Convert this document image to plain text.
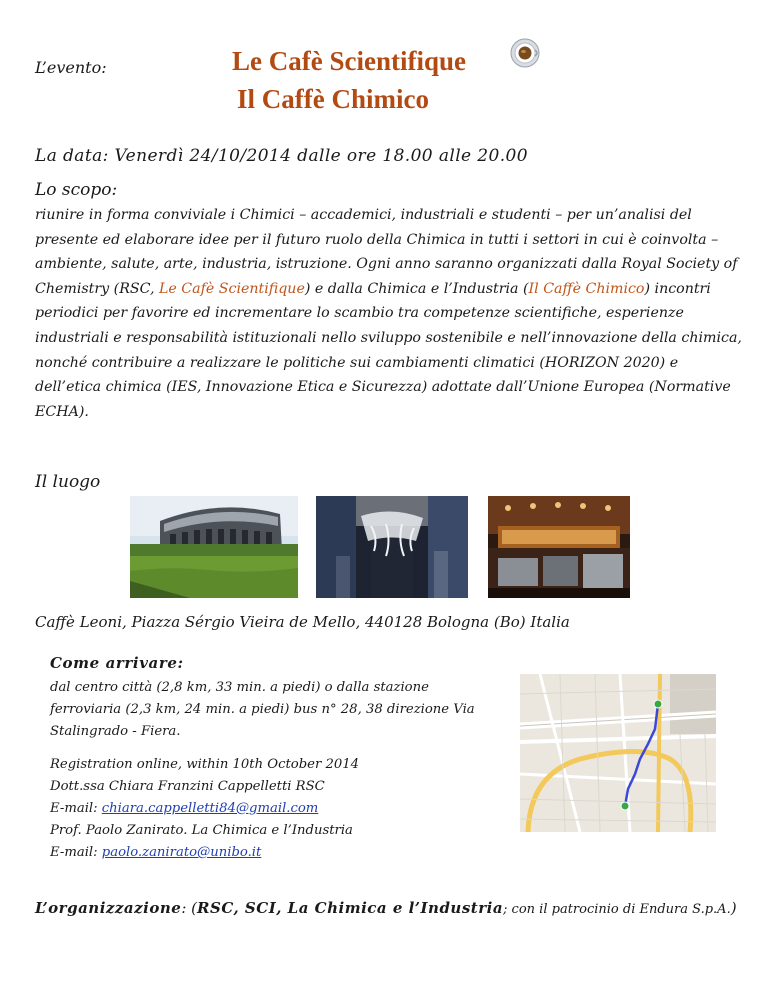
L’evento:	Le Cafè Scientifique
Il Caffè Chimico
La data: Venerdì 24/10/2014 dalle ore 18.00 alle 20.00
Lo scopo:
riunire in forma conviviale i Chimici – accademici, industriali e studenti – per un’analisi del presente ed elaborare idee per il futuro ruolo della Chimica in tutti i settori in cui è coinvolta – ambiente, salute, arte, industria, istruzione. Ogni anno saranno organizzati dalla Royal Society of Chemistry (RSC, Le Cafè Scientifique) e dalla Chimica e l’Industria (Il Caffè Chimico) incontri periodici per favorire ed incrementare lo scambio tra competenze scientifiche, esperienze industriali e responsabilità istituzionali nello sviluppo sostenibile e nell’innovazione della chimica, nonché contribuire a realizzare le politiche sui cambiamenti climatici (HORIZON 2020) e dell’etica chimica (IES, Innovazione Etica e Sicurezza) adottate dall’Unione Europea (Normative ECHA).
Il luogo
Caffè Leoni, Piazza Sérgio Vieira de Mello, 440128 Bologna (Bo) Italia
Come arrivare:
dal centro città (2,8 km, 33 min. a piedi) o dalla stazione
ferroviaria (2,3 km, 24 min. a piedi) bus n° 28, 38 direzione Via
Stalingrado - Fiera.
Registration online, within 10th October 2014
Dott.ssa Chiara Franzini Cappelletti RSC
E-mail: chiara.cappelletti84@gmail.com
Prof. Paolo Zanirato. La Chimica e l’Industria
E-mail: paolo.zanirato@unibo.it
L’organizzazione: (RSC, SCI, La Chimica e l’Industria; con il patrocinio di Endura S.p.A.)
